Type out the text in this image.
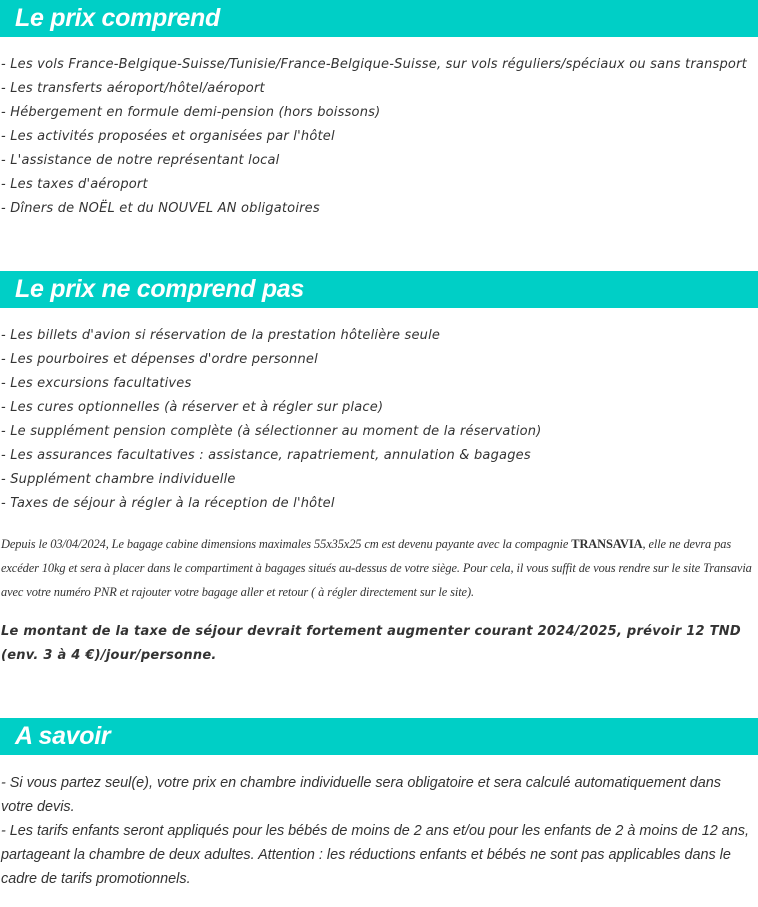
Le prix comprend
- Les vols France-Belgique-Suisse/Tunisie/France-Belgique-Suisse, sur vols réguliers/spéciaux ou sans transport
- Les transferts aéroport/hôtel/aéroport
- Hébergement en formule demi-pension (hors boissons)
- Les activités proposées et organisées par l'hôtel
- L'assistance de notre représentant local
- Les taxes d'aéroport
- Dîners de NOËL et du NOUVEL AN obligatoires
Le prix ne comprend pas
- Les billets d'avion si réservation de la prestation hôtelière seule
- Les pourboires et dépenses d'ordre personnel
- Les excursions facultatives
- Les cures optionnelles (à réserver et à régler sur place)
- Le supplément pension complète (à sélectionner au moment de la réservation)
- Les assurances facultatives : assistance, rapatriement, annulation & bagages
- Supplément chambre individuelle
- Taxes de séjour à régler à la réception de l'hôtel

Depuis le 03/04/2024, Le bagage cabine dimensions maximales 55x35x25 cm est devenu payante avec la compagnie TRANSAVIA, elle ne devra pas excéder 10kg et sera à placer dans le compartiment à bagages situés au-dessus de votre siège. Pour cela, il vous suffit de vous rendre sur le site Transavia avec votre numéro PNR et rajouter votre bagage aller et retour ( à régler directement sur le site).

Le montant de la taxe de séjour devrait fortement augmenter courant 2024/2025, prévoir 12 TND (env. 3 à 4 €)/jour/personne.

A savoir

- Si vous partez seul(e), votre prix en chambre individuelle sera obligatoire et sera calculé automatiquement dans votre devis.

- Les tarifs enfants seront appliqués pour les bébés de moins de 2 ans et/ou pour les enfants de 2 à moins de 12 ans, partageant la chambre de deux adultes. Attention : les réductions enfants et bébés ne sont pas applicables dans le cadre de tarifs promotionnels.
